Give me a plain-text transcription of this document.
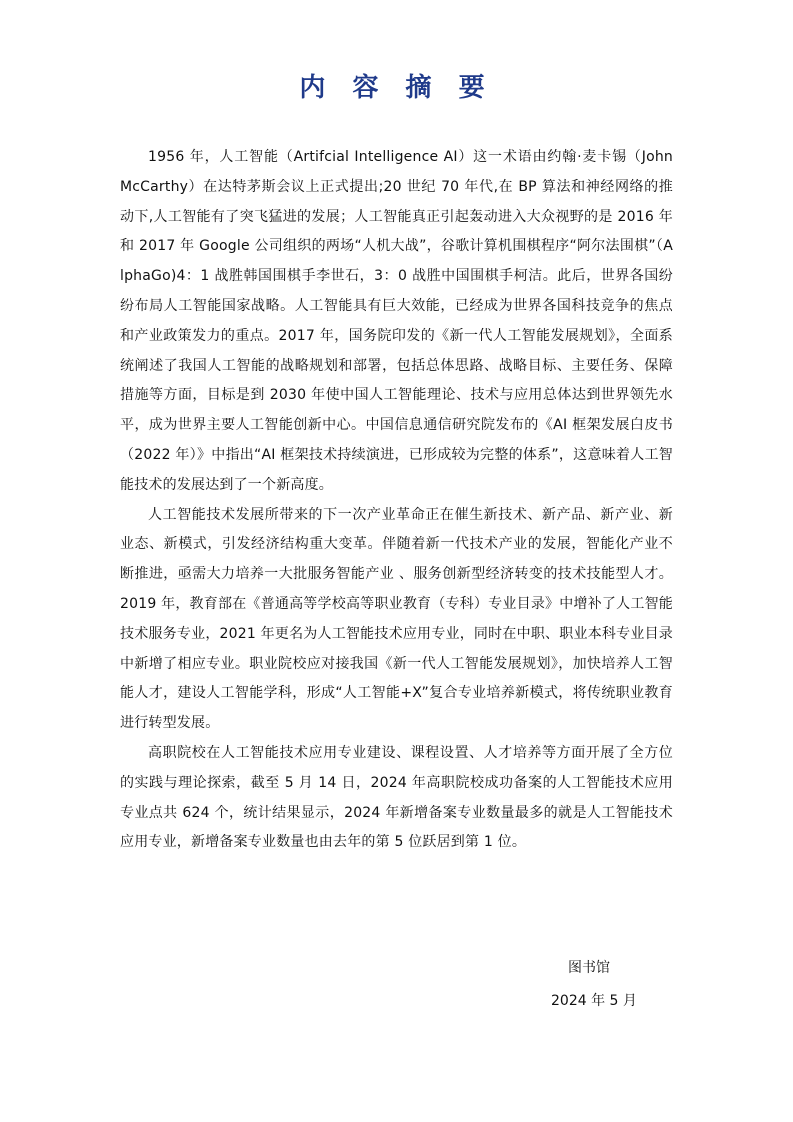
内 容 摘 要

1956 年，人工智能（Artifcial Intelligence AI）这一术语由约翰·麦卡锡（John McCarthy）在达特茅斯会议上正式提出;20 世纪 70 年代,在 BP 算法和神经网络的推动下,人工智能有了突飞猛进的发展；人工智能真正引起轰动进入大众视野的是 2016 年和 2017 年 Google 公司组织的两场“人机大战”，谷歌计算机围棋程序“阿尔法围棋”（AlphaGo)4：1 战胜韩国围棋手李世石，3：0 战胜中国围棋手柯洁。此后，世界各国纷纷布局人工智能国家战略。人工智能具有巨大效能，已经成为世界各国科技竞争的焦点和产业政策发力的重点。2017 年，国务院印发的《新一代人工智能发展规划》，全面系统阐述了我国人工智能的战略规划和部署，包括总体思路、战略目标、主要任务、保障措施等方面，目标是到 2030 年使中国人工智能理论、技术与应用总体达到世界领先水平，成为世界主要人工智能创新中心。中国信息通信研究院发布的《AI 框架发展白皮书（2022 年）》中指出“AI 框架技术持续演进，已形成较为完整的体系”，这意味着人工智能技术的发展达到了一个新高度。

人工智能技术发展所带来的下一次产业革命正在催生新技术、新产品、新产业、新业态、新模式，引发经济结构重大变革。伴随着新一代技术产业的发展，智能化产业不断推进，亟需大力培养一大批服务智能产业 、服务创新型经济转变的技术技能型人才。2019 年，教育部在《普通高等学校高等职业教育（专科）专业目录》中增补了人工智能技术服务专业，2021 年更名为人工智能技术应用专业，同时在中职、职业本科专业目录中新增了相应专业。职业院校应对接我国《新一代人工智能发展规划》，加快培养人工智能人才，建设人工智能学科，形成“人工智能+X”复合专业培养新模式，将传统职业教育进行转型发展。

高职院校在人工智能技术应用专业建设、课程设置、人才培养等方面开展了全方位的实践与理论探索，截至 5 月 14 日，2024 年高职院校成功备案的人工智能技术应用专业点共 624 个，统计结果显示，2024 年新增备案专业数量最多的就是人工智能技术应用专业，新增备案专业数量也由去年的第 5 位跃居到第 1 位。

图书馆
2024 年 5 月
